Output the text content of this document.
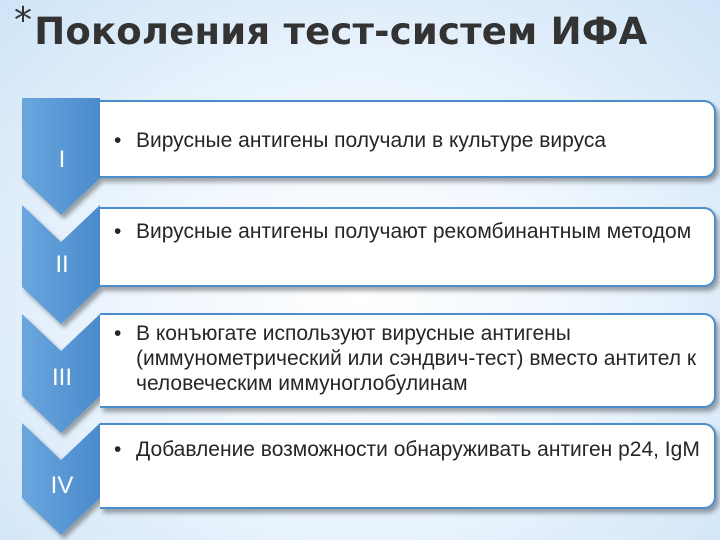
* Поколения тест-систем ИФА
I
II
III
IV
• Вирусные антигены получали в культуре вируса
• Вирусные антигены получают рекомбинантным методом
• В конъюгате используют вирусные антигены (иммунометрический или сэндвич-тест) вместо антител к человеческим иммуноглобулинам
• Добавление возможности обнаруживать антиген р24, IgM
